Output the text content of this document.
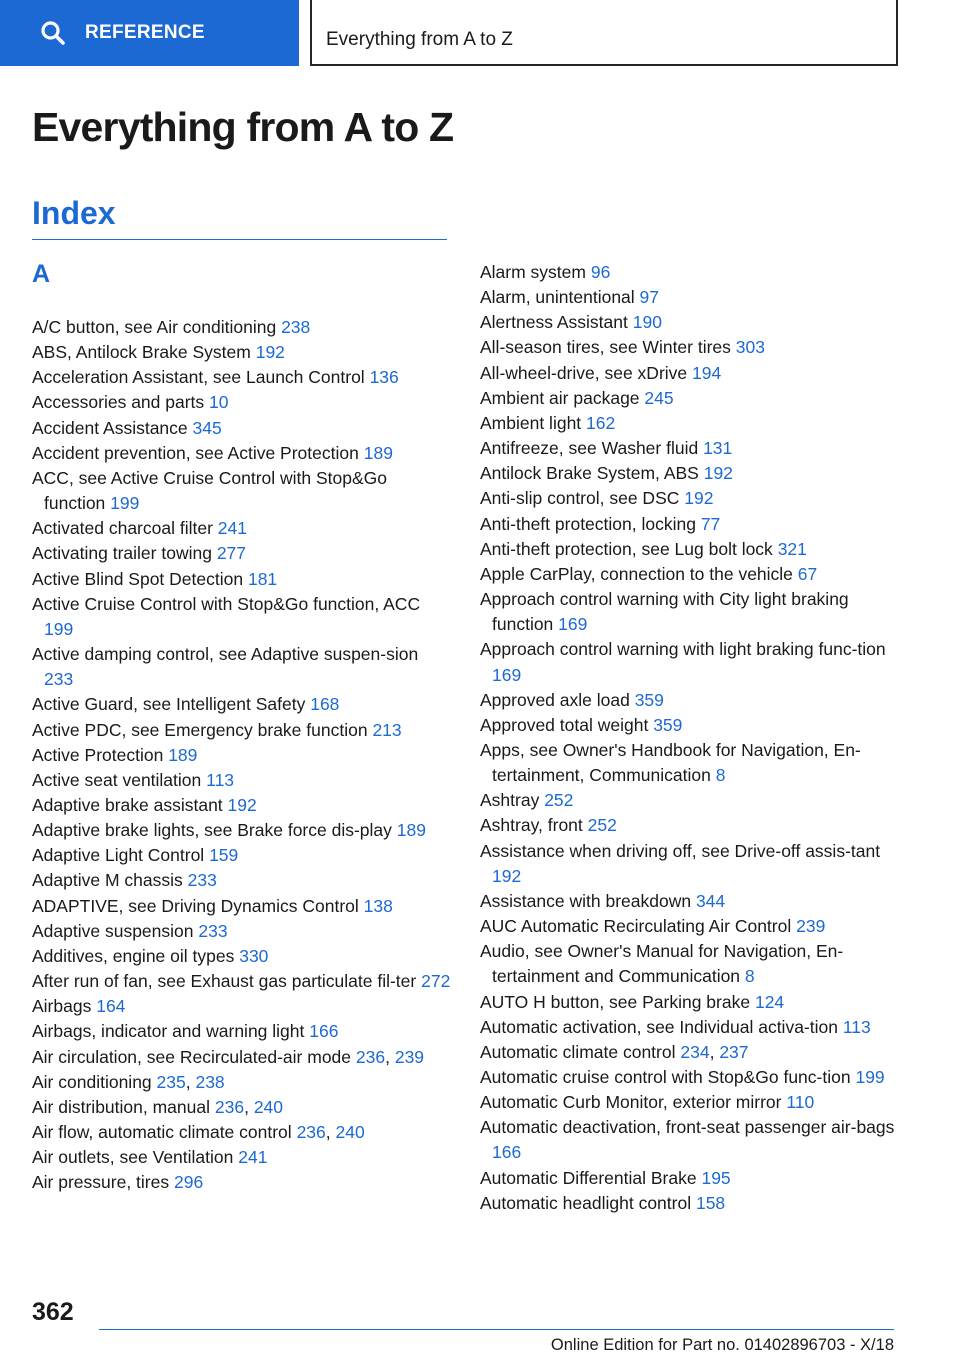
REFERENCE	Everything from A to Z
Everything from A to Z
Index
A
A/C button, see Air conditioning 238
ABS, Antilock Brake System 192
Acceleration Assistant, see Launch Control 136
Accessories and parts 10
Accident Assistance 345
Accident prevention, see Active Protection 189
ACC, see Active Cruise Control with Stop&Go function 199
Activated charcoal filter 241
Activating trailer towing 277
Active Blind Spot Detection 181
Active Cruise Control with Stop&Go function, ACC 199
Active damping control, see Adaptive suspen-sion 233
Active Guard, see Intelligent Safety 168
Active PDC, see Emergency brake function 213
Active Protection 189
Active seat ventilation 113
Adaptive brake assistant 192
Adaptive brake lights, see Brake force dis-play 189
Adaptive Light Control 159
Adaptive M chassis 233
ADAPTIVE, see Driving Dynamics Control 138
Adaptive suspension 233
Additives, engine oil types 330
After run of fan, see Exhaust gas particulate fil-ter 272
Airbags 164
Airbags, indicator and warning light 166
Air circulation, see Recirculated-air mode 236, 239
Air conditioning 235, 238
Air distribution, manual 236, 240
Air flow, automatic climate control 236, 240
Air outlets, see Ventilation 241
Air pressure, tires 296
Alarm system 96
Alarm, unintentional 97
Alertness Assistant 190
All-season tires, see Winter tires 303
All-wheel-drive, see xDrive 194
Ambient air package 245
Ambient light 162
Antifreeze, see Washer fluid 131
Antilock Brake System, ABS 192
Anti-slip control, see DSC 192
Anti-theft protection, locking 77
Anti-theft protection, see Lug bolt lock 321
Apple CarPlay, connection to the vehicle 67
Approach control warning with City light braking function 169
Approach control warning with light braking func-tion 169
Approved axle load 359
Approved total weight 359
Apps, see Owner's Handbook for Navigation, En-tertainment, Communication 8
Ashtray 252
Ashtray, front 252
Assistance when driving off, see Drive-off assis-tant 192
Assistance with breakdown 344
AUC Automatic Recirculating Air Control 239
Audio, see Owner's Manual for Navigation, En-tertainment and Communication 8
AUTO H button, see Parking brake 124
Automatic activation, see Individual activa-tion 113
Automatic climate control 234, 237
Automatic cruise control with Stop&Go func-tion 199
Automatic Curb Monitor, exterior mirror 110
Automatic deactivation, front-seat passenger air-bags 166
Automatic Differential Brake 195
Automatic headlight control 158
362
Online Edition for Part no. 01402896703 - X/18
